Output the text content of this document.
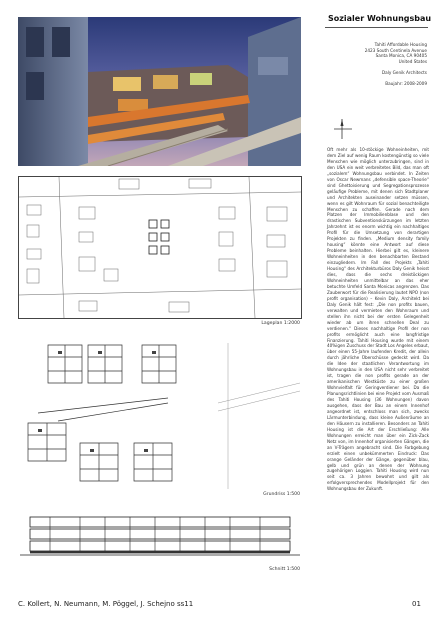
Sozialer Wohnungsbau
Tahiti Affordable Housing
2423 South Centinela Avenue
Santa Monica, CA 90405
United States
Daly Genik Architects
Baujahr: 2008-2009
Oft mehr als 10-stöckige Wohneinheiten, mit dem Ziel auf wenig Raum kostengünstig so viele Menschen wie möglich unterzubringen, sind in den USA ein weit verbreitetes Bild, das man oft „sozialem“ Wohnungsbau verbindet. In Zeiten von Oscar Newmans „defensible space-Theorie“ sind Ghettoisierung und Segregationsprozesse geläufige Probleme, mit denen sich Stadtplaner und Architekten auseinander setzen müssen, wenn es gilt Wohnraum für sozial benachteiligte Menschen zu schaffen. Gerade nach dem Platzen der Immobilienblase und den drastischen Subventionskürzungen im letzten Jahrzehnt ist es enorm wichtig ein nachhaltiges Profil für die Umsetzung von derartigen Projekten zu finden. „Medium density family housing“ könnte eine Antwort auf diese Probleme beinhalten. Hierbei gilt es, kleinere Wohneinheiten in den benachbarten Bestand einzugliedern. Im Fall des Projekts „Tahiti Housing“ des Architekturbüros Daly Genik heisst dies, dass die sechs dreistöckigen Wohneinheiten unmittelbar an das eher betuchte Umfeld Santa Monicas angrenzen. Das Zauberwort für die Realisierung lautet NPO (non profit organisation) – Kevin Daly, Architekt bei Daly Genik hält fest: „Die non profits bauen, verwalten und vermieten den Wohnraum und stellen ihn nicht bei der ersten Gelegenheit wieder ab um ihren schnellen Deal zu verdienen.“ Dieses nachhaltige Profil der non profits ermöglicht auch eine langfristige Finanzierung. Tahiti Housing wurde mit einem 40%igen Zuschuss der Stadt Los Angeles erbaut, über einen 55-Jahre laufenden Kredit, der allein durch jährliche Überschüsse gedeckt wird. Da die Idee der staatlichen Verantwortung im Wohnungsbau in den USA nicht sehr verbreitet ist, tragen die non profits gerade an der amerikanischen Westküste zu einer großen Wohnvielfalt für Geringverdiener bei. Da die Planungsrichtlinien bei eine Projekt vom Ausmaß des Tahiti Housing (36 Wohnungen) davon ausgehen, dass der Bau an einem Innenhof angeordnet ist, entschloss man sich, zwecks Lärmunterbindung, dass kleine Außenräume an den Häusern zu installieren. Besonders an Tahiti Housing ist die Art der Erschließung: Alle Wohnungen erreicht man über ein Zick-Zack Netz von, im Innenhof organisierten Gängen, die an V-Trägern angebracht sind. Die Farbgebung erzielt einen unbekümmerten Eindruck: Das orange Geländer der Gänge, gegenüber blau, gelb und grün an denen der Wohnung zugehörigen Loggien. Tahiti Housing wird nun seit ca. 3 Jahren bewohnt und gilt als erfolgversprechendes Modellprojekt für den Wohnungsbau der Zukunft.
Lageplan 1:2000
Grundriss 1:500
Schnitt 1:500
C. Kollert, N. Neumann, M. Pöggel, J. Schejno ss11	01
